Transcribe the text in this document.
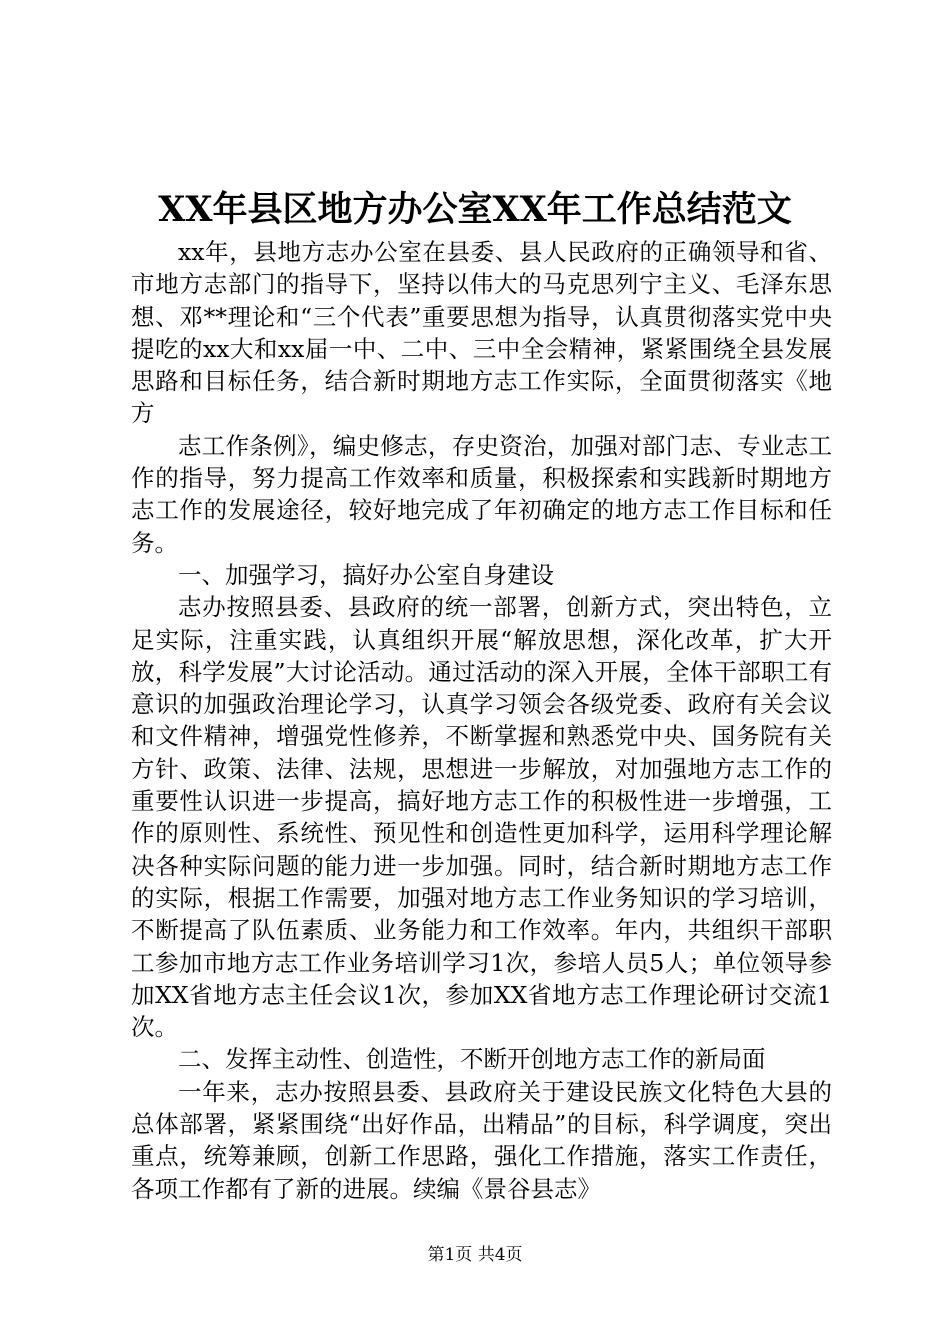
XX年县区地方办公室XX年工作总结范文

xx年，县地方志办公室在县委、县人民政府的正确领导和省、市地方志部门的指导下，坚持以伟大的马克思列宁主义、毛泽东思想、邓**理论和“三个代表”重要思想为指导，认真贯彻落实党中央提吃的xx大和xx届一中、二中、三中全会精神，紧紧围绕全县发展思路和目标任务，结合新时期地方志工作实际，全面贯彻落实《地方

志工作条例》，编史修志，存史资治，加强对部门志、专业志工作的指导，努力提高工作效率和质量，积极探索和实践新时期地方志工作的发展途径，较好地完成了年初确定的地方志工作目标和任务。

一、加强学习，搞好办公室自身建设

志办按照县委、县政府的统一部署，创新方式，突出特色，立足实际，注重实践，认真组织开展“解放思想，深化改革，扩大开放，科学发展”大讨论活动。通过活动的深入开展，全体干部职工有意识的加强政治理论学习，认真学习领会各级党委、政府有关会议和文件精神，增强党性修养，不断掌握和熟悉党中央、国务院有关方针、政策、法律、法规，思想进一步解放，对加强地方志工作的重要性认识进一步提高，搞好地方志工作的积极性进一步增强，工作的原则性、系统性、预见性和创造性更加科学，运用科学理论解决各种实际问题的能力进一步加强。同时，结合新时期地方志工作的实际，根据工作需要，加强对地方志工作业务知识的学习培训，不断提高了队伍素质、业务能力和工作效率。年内，共组织干部职工参加市地方志工作业务培训学习1次，参培人员5人；单位领导参加XX省地方志主任会议1次，参加XX省地方志工作理论研讨交流1次。

二、发挥主动性、创造性，不断开创地方志工作的新局面

一年来，志办按照县委、县政府关于建设民族文化特色大县的总体部署，紧紧围绕“出好作品，出精品”的目标，科学调度，突出重点，统筹兼顾，创新工作思路，强化工作措施，落实工作责任，各项工作都有了新的进展。续编《景谷县志》

第1页 共4页
